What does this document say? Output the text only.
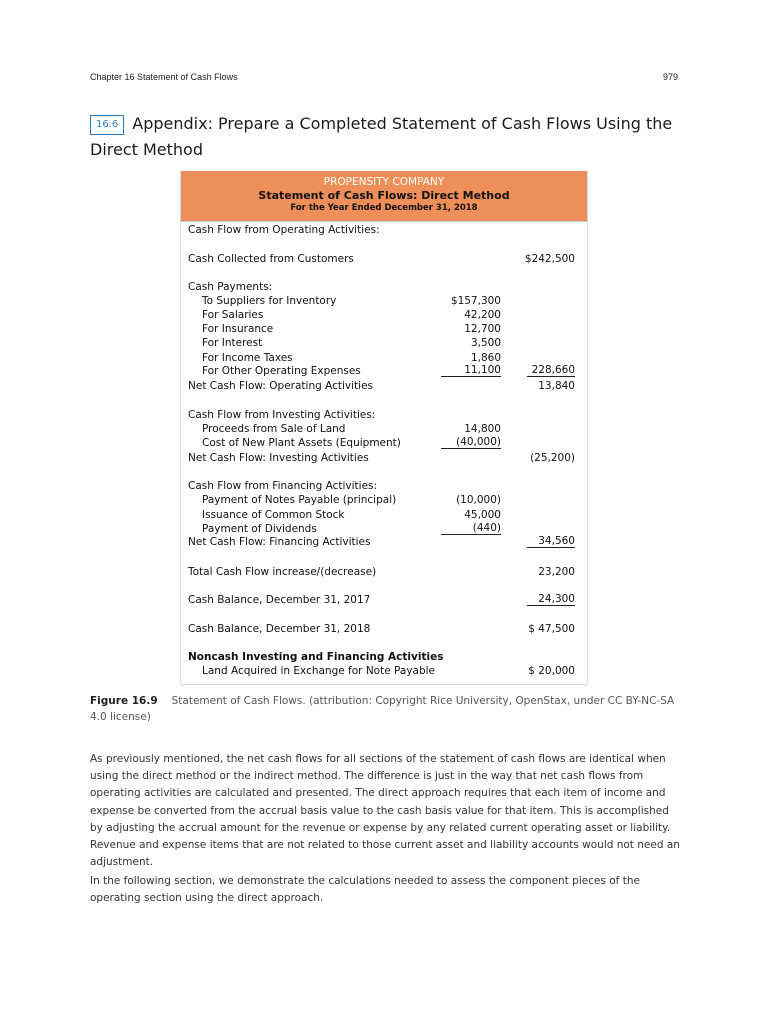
Chapter 16 Statement of Cash Flows	979
16.6 Appendix: Prepare a Completed Statement of Cash Flows Using the Direct Method
PROPENSITY COMPANY
Statement of Cash Flows: Direct Method
For the Year Ended December 31, 2018
Cash Flow from Operating Activities:
Cash Collected from Customers	$242,500
Cash Payments:
To Suppliers for Inventory	$157,300
For Salaries	42,200
For Insurance	12,700
For Interest	3,500
For Income Taxes	1,860
For Other Operating Expenses	11,100	228,660
Net Cash Flow: Operating Activities	13,840
Cash Flow from Investing Activities:
Proceeds from Sale of Land	14,800
Cost of New Plant Assets (Equipment)	(40,000)
Net Cash Flow: Investing Activities	(25,200)
Cash Flow from Financing Activities:
Payment of Notes Payable (principal)	(10,000)
Issuance of Common Stock	45,000
Payment of Dividends	(440)
Net Cash Flow: Financing Activities	34,560
Total Cash Flow increase/(decrease)	23,200
Cash Balance, December 31, 2017	24,300
Cash Balance, December 31, 2018	$ 47,500
Noncash Investing and Financing Activities
Land Acquired in Exchange for Note Payable	$ 20,000
Figure 16.9 Statement of Cash Flows. (attribution: Copyright Rice University, OpenStax, under CC BY-NC-SA 4.0 license)

As previously mentioned, the net cash flows for all sections of the statement of cash flows are identical when using the direct method or the indirect method. The difference is just in the way that net cash flows from operating activities are calculated and presented. The direct approach requires that each item of income and expense be converted from the accrual basis value to the cash basis value for that item. This is accomplished by adjusting the accrual amount for the revenue or expense by any related current operating asset or liability. Revenue and expense items that are not related to those current asset and liability accounts would not need an adjustment.

In the following section, we demonstrate the calculations needed to assess the component pieces of the operating section using the direct approach.
